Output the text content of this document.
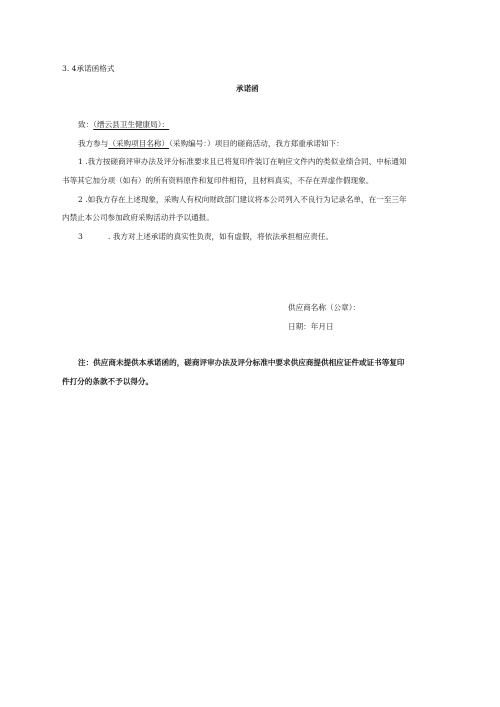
3. 4承诺函格式
承诺函
致：（缙云县卫生健康局）：
我方参与（采购项目名称）（采购编号：）项目的磋商活动，我方郑重承诺如下：
1 .我方按磋商评审办法及评分标准要求且已将复印件装订在响应文件内的类似业绩合同、中标通知
书等其它加分项（如有）的所有资料原件和复印件相符，且材料真实，不存在弄虚作假现象。
2 .如我方存在上述现象，采购人有权向财政部门建议将本公司列入不良行为记录名单，在一至三年
内禁止本公司参加政府采购活动并予以通报。
3	. 我方对上述承诺的真实性负责，如有虚假，将依法承担相应责任。
供应商名称（公章）：
日期：年月日
注：供应商未提供本承诺函的，磋商评审办法及评分标准中要求供应商提供相应证件或证书等复印
件打分的条款不予以得分。
